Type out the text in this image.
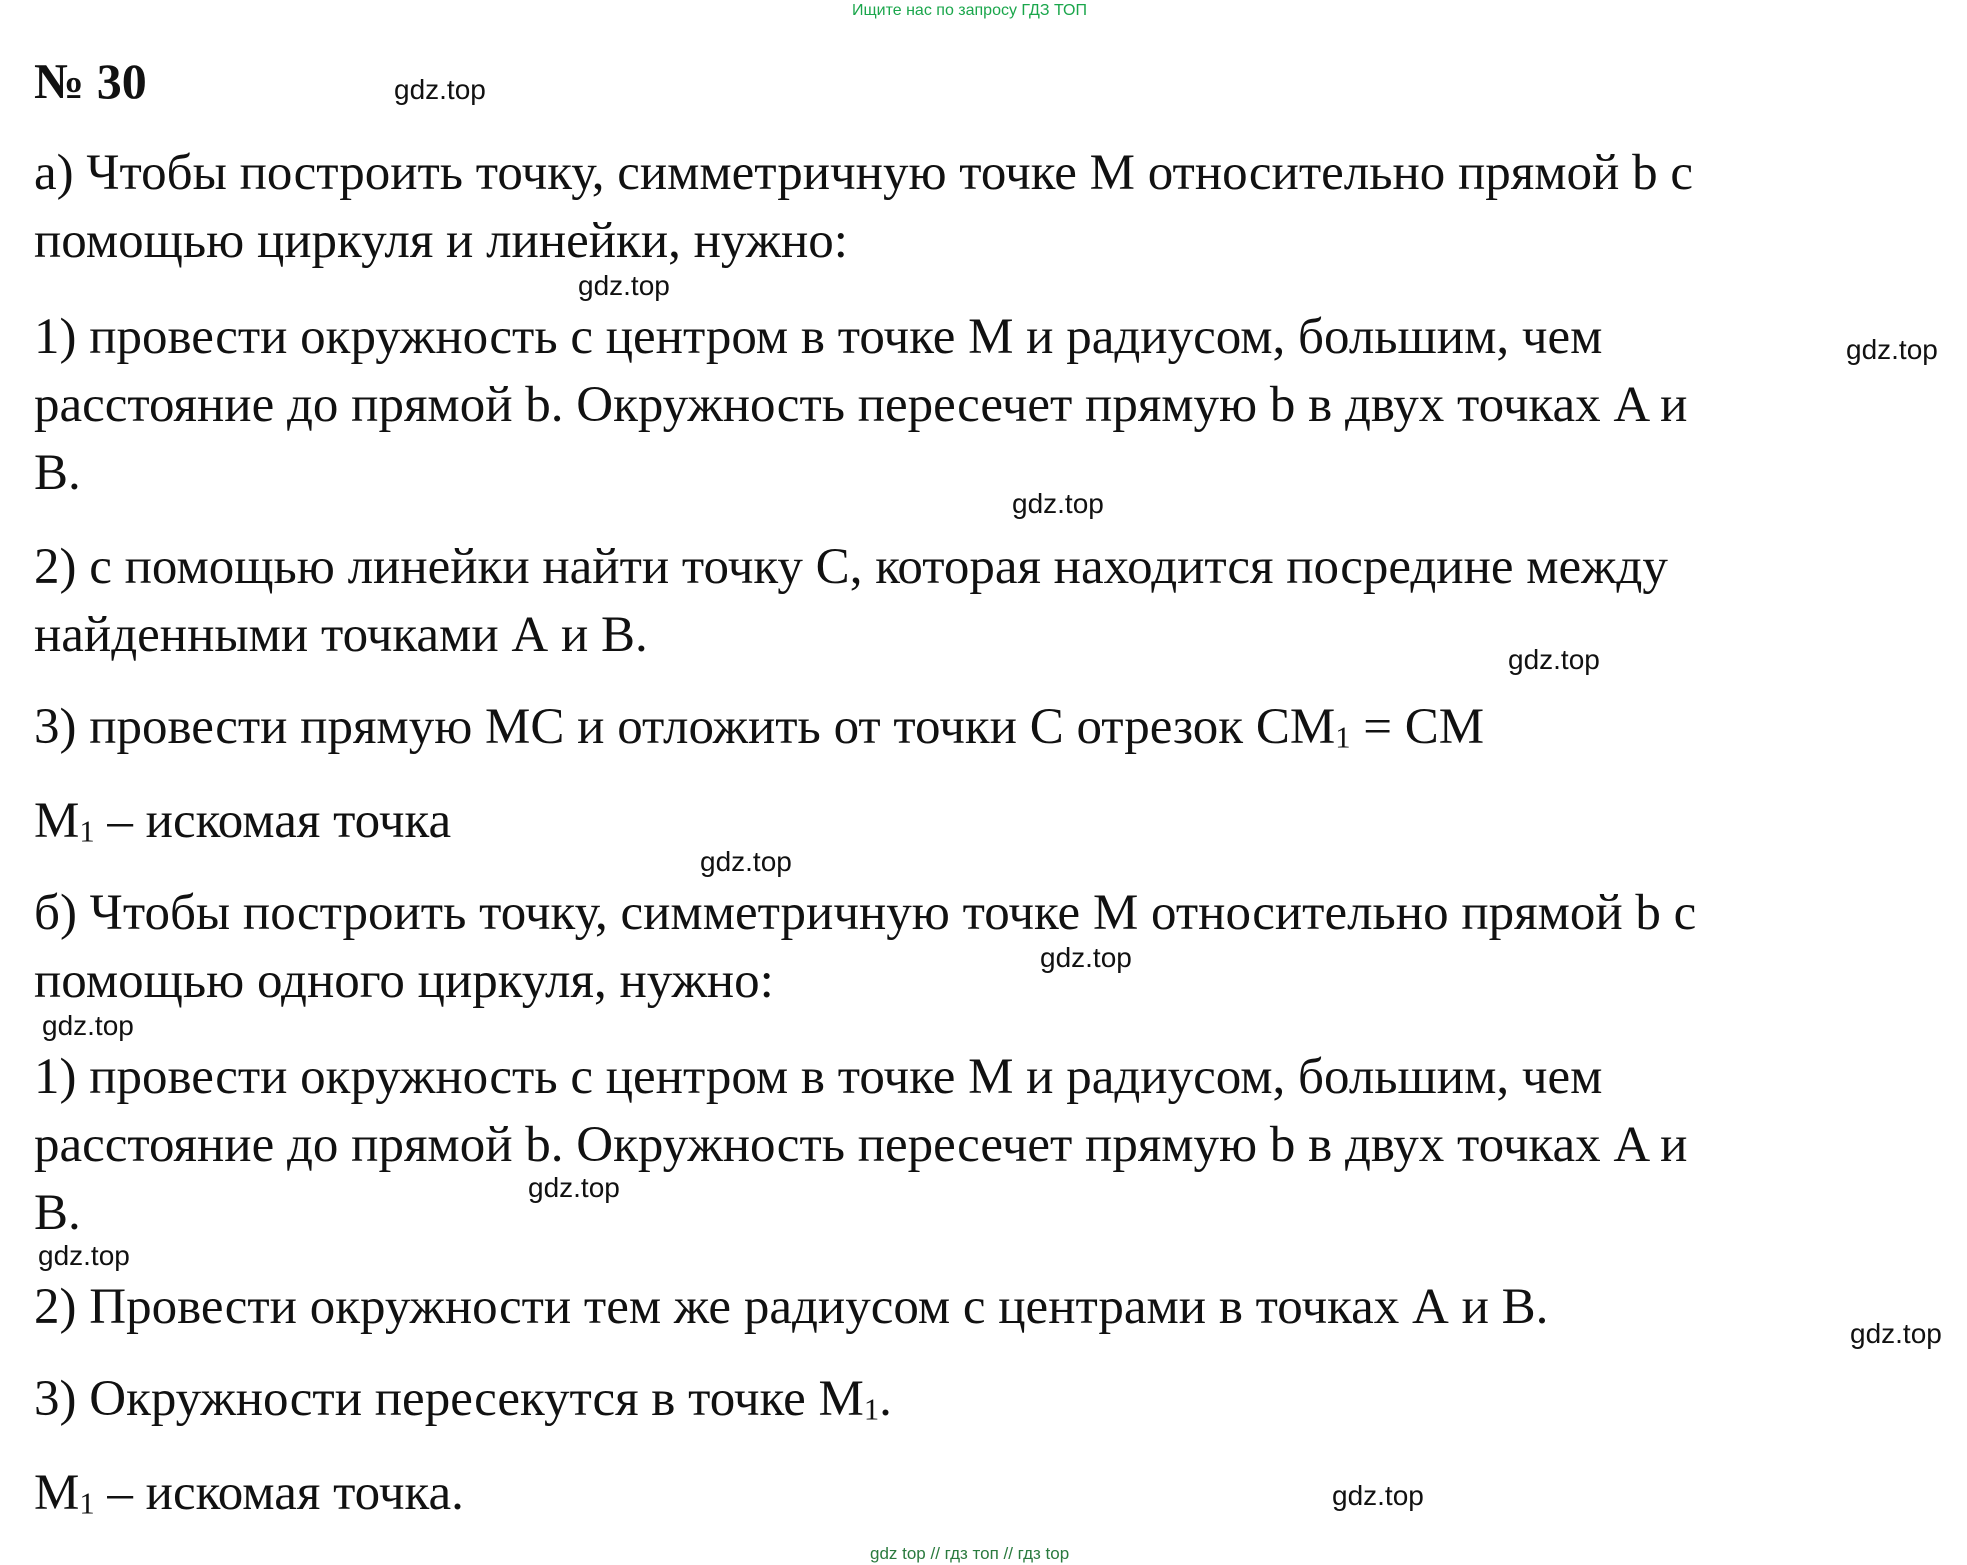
Ищите нас по запросу ГДЗ ТОП
№ 30
а) Чтобы построить точку, симметричную точке М относительно прямой b с
помощью циркуля и линейки, нужно:
1) провести окружность с центром в точке М и радиусом, большим, чем
расстояние до прямой b. Окружность пересечет прямую b в двух точках A и
B.
2) с помощью линейки найти точку С, которая находится посредине между
найденными точками А и В.
3) провести прямую МС и отложить от точки С отрезок $СМ_1$ = СМ
$М_1$ – искомая точка
б) Чтобы построить точку, симметричную точке М относительно прямой b с
помощью одного циркуля, нужно:
1) провести окружность с центром в точке М и радиусом, большим, чем
расстояние до прямой b. Окружность пересечет прямую b в двух точках A и
B.
2) Провести окружности тем же радиусом с центрами в точках А и В.
3) Окружности пересекутся в точке $М_1$.
$М_1$ – искомая точка.
gdz.top
gdz.top
gdz.top
gdz.top
gdz.top
gdz.top
gdz.top
gdz.top
gdz.top
gdz.top
gdz.top
gdz.top
gdz top // гдз топ // гдз top
